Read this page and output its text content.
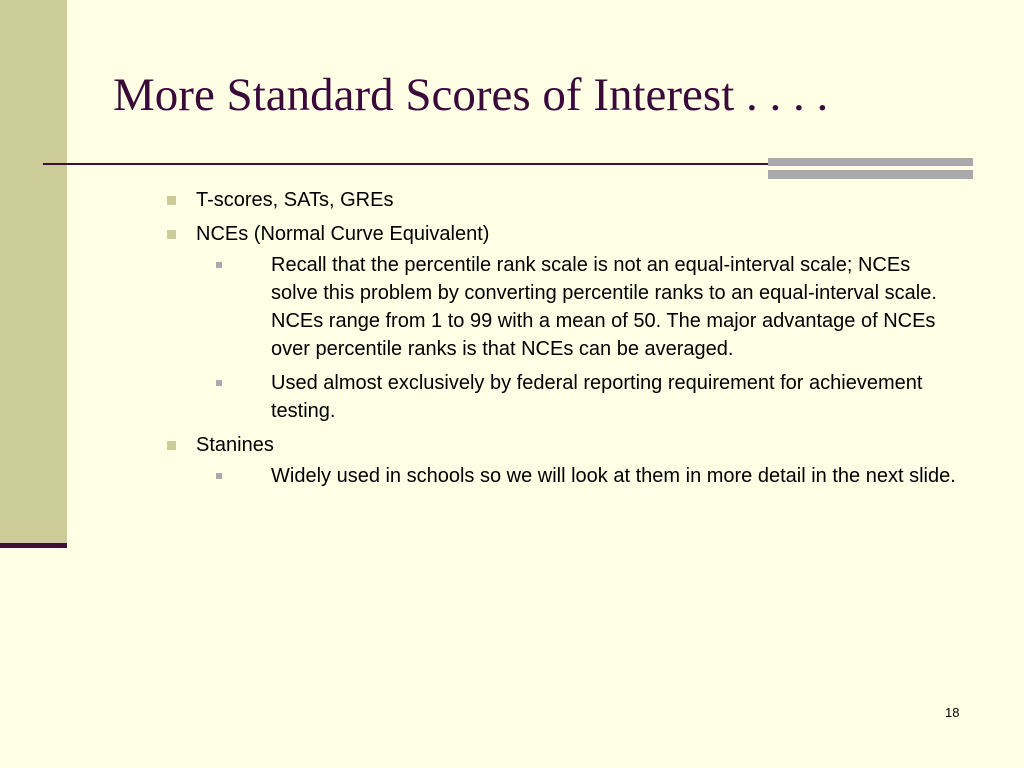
More Standard Scores of Interest . . . .
T-scores, SATs, GREs
NCEs (Normal Curve Equivalent)
Recall that the percentile rank scale is not an equal-interval scale; NCEs solve this problem by converting percentile ranks to an equal-interval scale. NCEs range from 1 to 99 with a mean of 50. The major advantage of NCEs over percentile ranks is that NCEs can be averaged.
Used almost exclusively by federal reporting requirement for achievement testing.
Stanines
Widely used in schools so we will look at them in more detail in the next slide.
18
